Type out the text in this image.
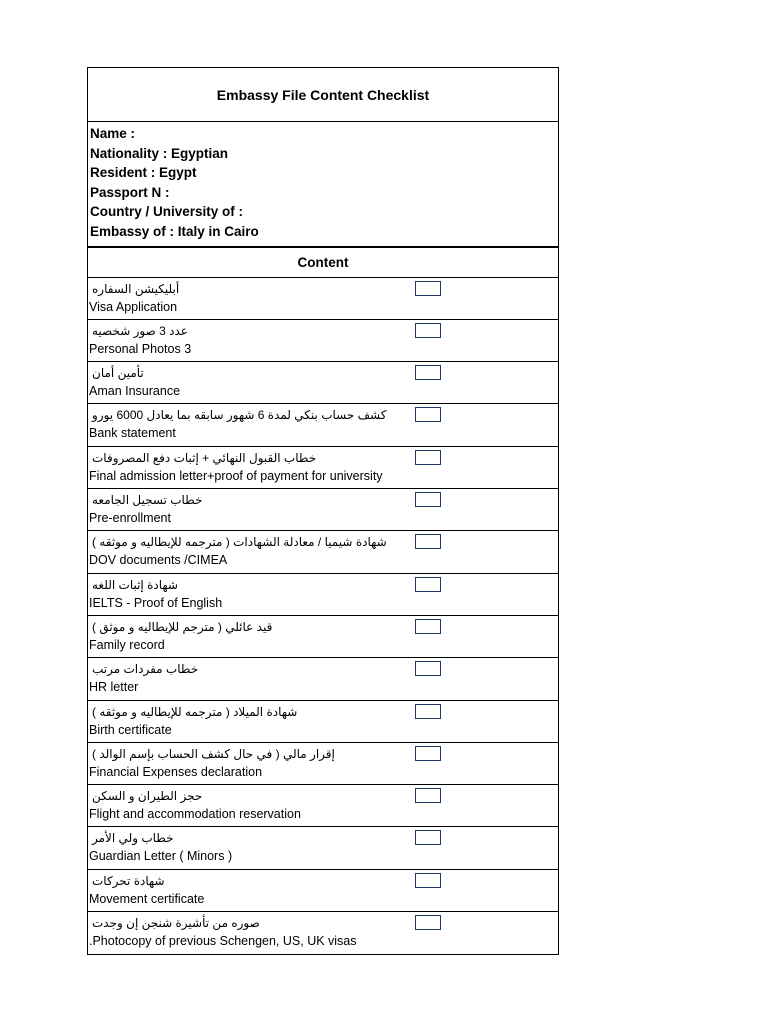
Embassy File Content Checklist
Name :
Nationality : Egyptian
Resident : Egypt
Passport N :
Country / University of :
Embassy of : Italy in Cairo
Content
أبليكيشن السفاره
Visa Application
عدد 3 صور شخصيه
Personal Photos 3
تأمين أمان
Aman Insurance
كشف حساب بنكي لمدة 6 شهور سابقه بما يعادل 6000 يورو
Bank statement
خطاب القبول النهائي + إثبات دفع المصروفات
Final admission letter+proof of payment for university
خطاب تسجيل الجامعه
Pre-enrollment
شهادة شيميا / معادلة الشهادات ( مترجمه للإيطاليه و موثقه )
DOV documents /CIMEA
شهادة إثبات اللغه
IELTS - Proof of English
قيد عائلي ( مترجم للإيطاليه و موثق )
Family record
خطاب مفردات مرتب
HR letter
شهادة الميلاد ( مترجمه للإيطاليه و موثقه )
Birth certificate
إقرار مالي ( في حال كشف الحساب بإسم الوالد )
Financial Expenses declaration
حجز الطيران و السكن
Flight and accommodation reservation
خطاب ولي الأمر
Guardian Letter ( Minors )
شهادة تحركات
Movement certificate
صوره من تأشيرة شنجن إن وجدت
.Photocopy of previous Schengen, US, UK visas
